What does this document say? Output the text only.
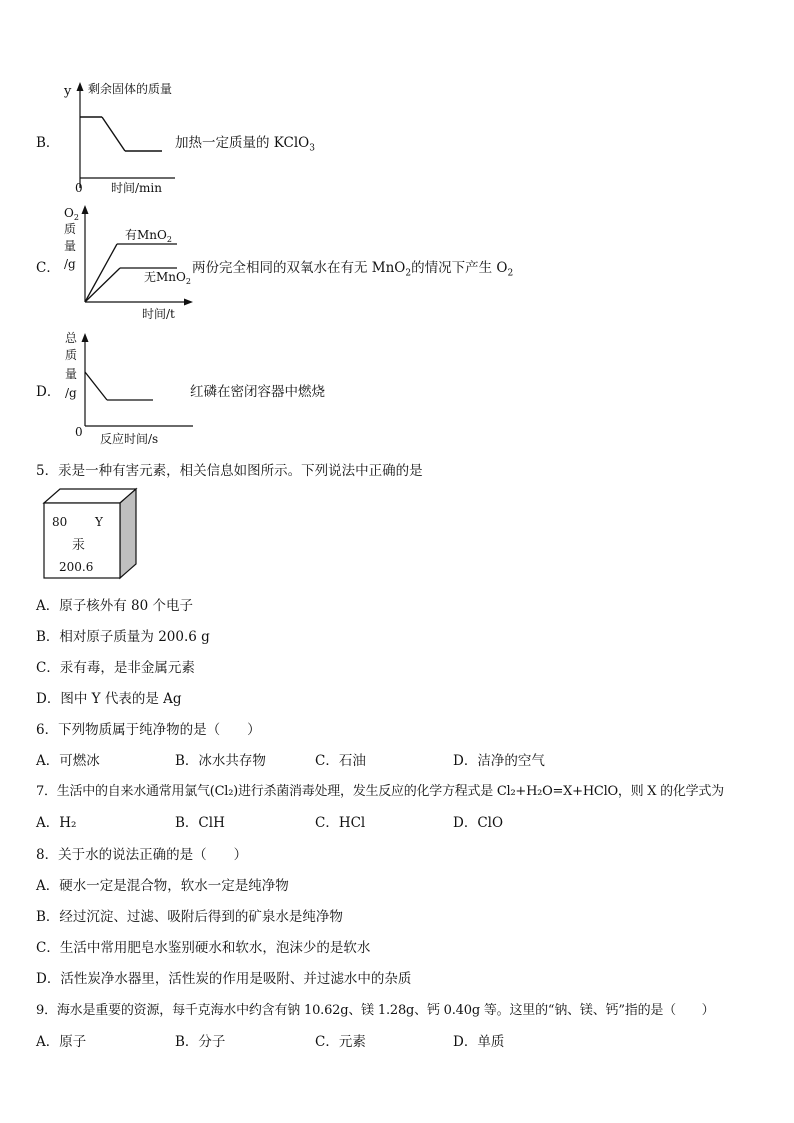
B．
y 剩余固体的质量
0 时间/min
加热一定质量的 KClO$_3$
C．
$O_2$
质
量
/g
有MnO$_2$
无MnO$_2$
时间/t
两份完全相同的双氧水在有无 MnO$_2$的情况下产生 $O_2$
D．
总
质
量
/g
0 反应时间/s
红磷在密闭容器中燃烧
5．汞是一种有害元素，相关信息如图所示。下列说法中正确的是
80 Y
汞
200.6
A．原子核外有 80 个电子
B．相对原子质量为 200.6 g
C．汞有毒，是非金属元素
D．图中 Y 代表的是 Ag
6．下列物质属于纯净物的是（　　）
A．可燃冰	B．冰水共存物	C．石油	D．洁净的空气
7．生活中的自来水通常用氯气(Cl₂)进行杀菌消毒处理，发生反应的化学方程式是 Cl₂+H₂O=X+HClO，则 X 的化学式为
A．H₂	B．ClH	C．HCl	D．ClO
8．关于水的说法正确的是（　　）
A．硬水一定是混合物，软水一定是纯净物
B．经过沉淀、过滤、吸附后得到的矿泉水是纯净物
C．生活中常用肥皂水鉴别硬水和软水，泡沫少的是软水
D．活性炭净水器里，活性炭的作用是吸附、并过滤水中的杂质
9．海水是重要的资源，每千克海水中约含有钠 10.62g、镁 1.28g、钙 0.40g 等。这里的“钠、镁、钙”指的是（　　）
A．原子	B．分子	C．元素	D．单质
